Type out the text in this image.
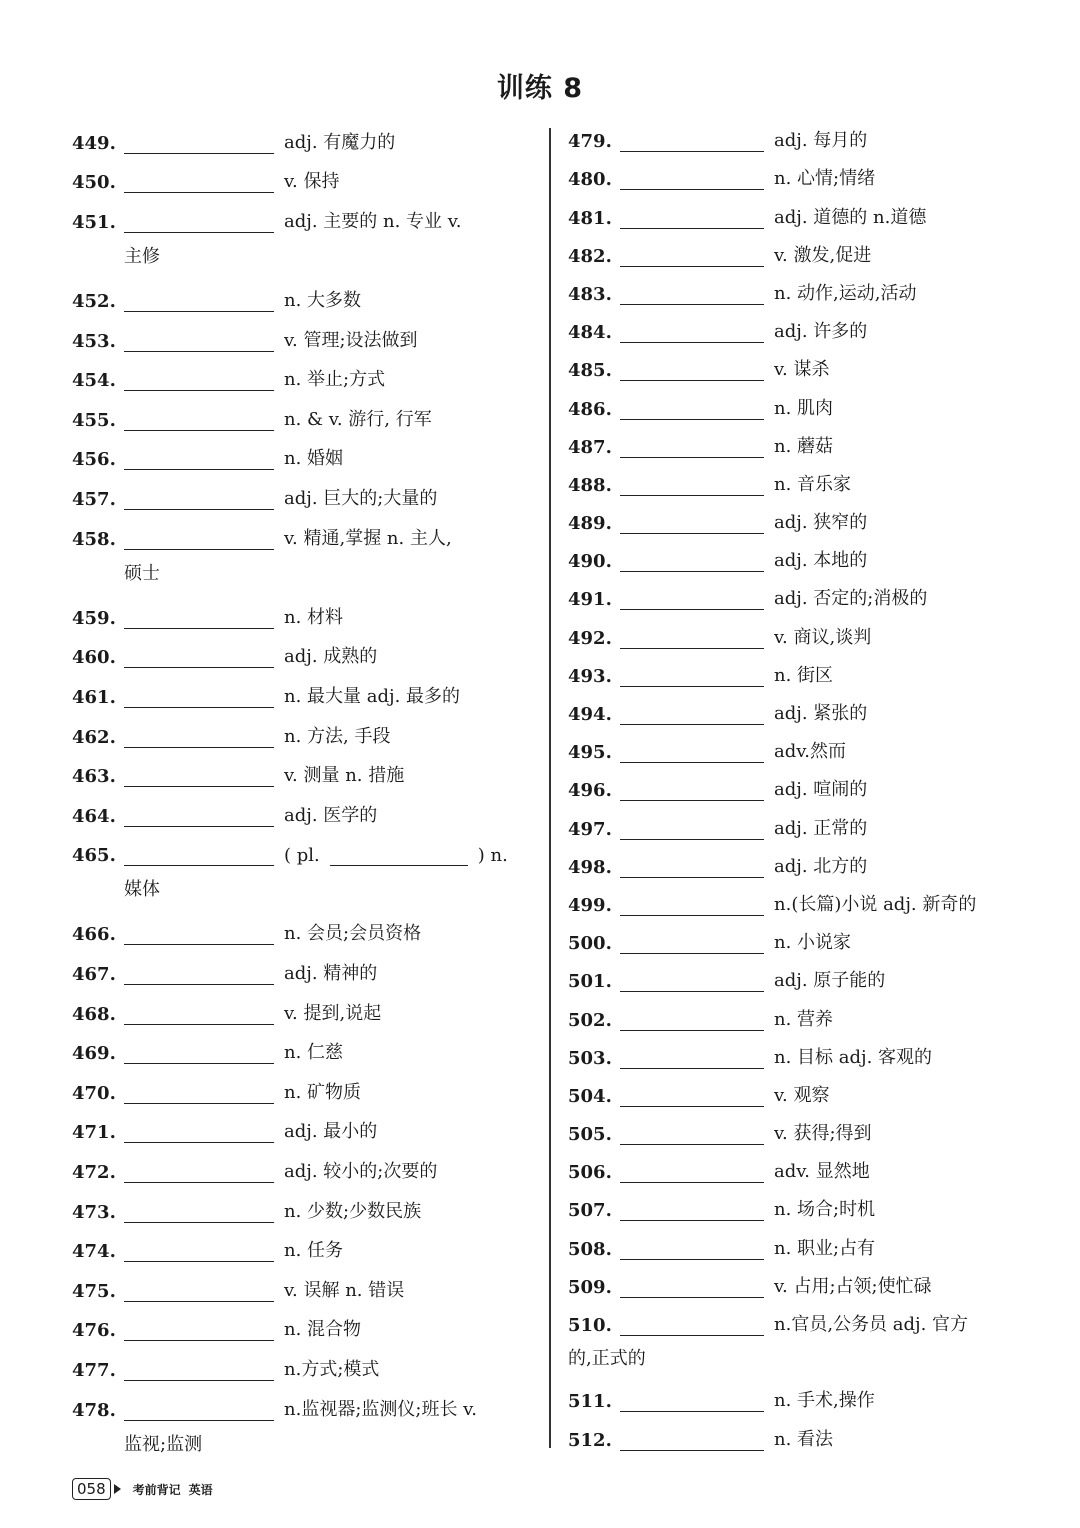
训练 8
449.	adj. 有魔力的
450.	v. 保持
451.	adj. 主要的 n. 专业 v.
主修
452.	n. 大多数
453.	v. 管理;设法做到
454.	n. 举止;方式
455.	n. & v. 游行, 行军
456.	n. 婚姻
457.	adj. 巨大的;大量的
458.	v. 精通,掌握 n. 主人,
硕士
459.	n. 材料
460.	adj. 成熟的
461.	n. 最大量 adj. 最多的
462.	n. 方法, 手段
463.	v. 测量 n. 措施
464.	adj. 医学的
465.	( pl.	) n.
媒体
466.	n. 会员;会员资格
467.	adj. 精神的
468.	v. 提到,说起
469.	n. 仁慈
470.	n. 矿物质
471.	adj. 最小的
472.	adj. 较小的;次要的
473.	n. 少数;少数民族
474.	n. 任务
475.	v. 误解 n. 错误
476.	n. 混合物
477.	n.方式;模式
478.	n.监视器;监测仪;班长 v.
监视;监测
479.	adj. 每月的
480.	n. 心情;情绪
481.	adj. 道德的 n.道德
482.	v. 激发,促进
483.	n. 动作,运动,活动
484.	adj. 许多的
485.	v. 谋杀
486.	n. 肌肉
487.	n. 蘑菇
488.	n. 音乐家
489.	adj. 狭窄的
490.	adj. 本地的
491.	adj. 否定的;消极的
492.	v. 商议,谈判
493.	n. 街区
494.	adj. 紧张的
495.	adv.然而
496.	adj. 喧闹的
497.	adj. 正常的
498.	adj. 北方的
499.	n.(长篇)小说 adj. 新奇的
500.	n. 小说家
501.	adj. 原子能的
502.	n. 营养
503.	n. 目标 adj. 客观的
504.	v. 观察
505.	v. 获得;得到
506.	adv. 显然地
507.	n. 场合;时机
508.	n. 职业;占有
509.	v. 占用;占领;使忙碌
510.	n.官员,公务员 adj. 官方
的,正式的
511.	n. 手术,操作
512.	n. 看法
058	考前背记 英语
